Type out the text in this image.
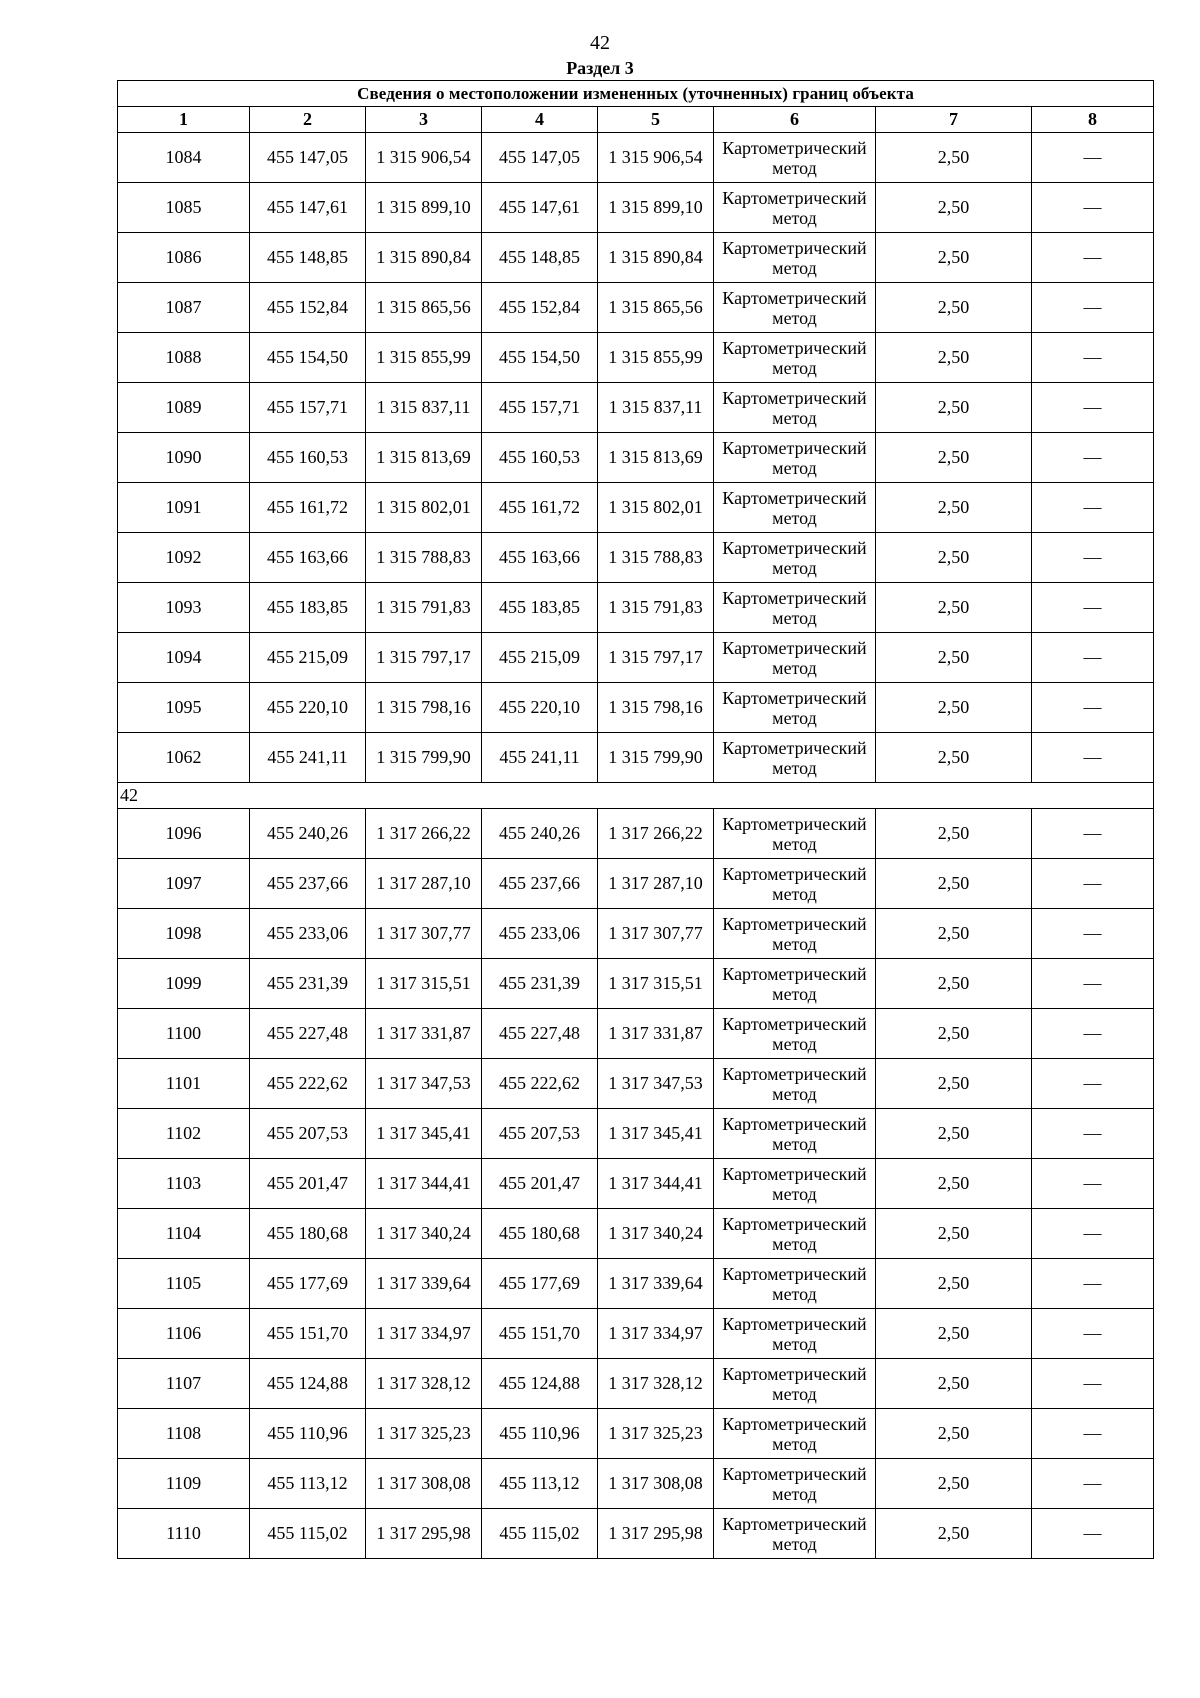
42
Раздел 3
Сведения о местоположении измененных (уточненных) границ объекта							
1	2	3	4	5	6	7	8
1084	455 147,05	1 315 906,54	455 147,05	1 315 906,54	Картометрический метод	2,50	—
1085	455 147,61	1 315 899,10	455 147,61	1 315 899,10	Картометрический метод	2,50	—
1086	455 148,85	1 315 890,84	455 148,85	1 315 890,84	Картометрический метод	2,50	—
1087	455 152,84	1 315 865,56	455 152,84	1 315 865,56	Картометрический метод	2,50	—
1088	455 154,50	1 315 855,99	455 154,50	1 315 855,99	Картометрический метод	2,50	—
1089	455 157,71	1 315 837,11	455 157,71	1 315 837,11	Картометрический метод	2,50	—
1090	455 160,53	1 315 813,69	455 160,53	1 315 813,69	Картометрический метод	2,50	—
1091	455 161,72	1 315 802,01	455 161,72	1 315 802,01	Картометрический метод	2,50	—
1092	455 163,66	1 315 788,83	455 163,66	1 315 788,83	Картометрический метод	2,50	—
1093	455 183,85	1 315 791,83	455 183,85	1 315 791,83	Картометрический метод	2,50	—
1094	455 215,09	1 315 797,17	455 215,09	1 315 797,17	Картометрический метод	2,50	—
1095	455 220,10	1 315 798,16	455 220,10	1 315 798,16	Картометрический метод	2,50	—
1062	455 241,11	1 315 799,90	455 241,11	1 315 799,90	Картометрический метод	2,50	—
42							
1096	455 240,26	1 317 266,22	455 240,26	1 317 266,22	Картометрический метод	2,50	—
1097	455 237,66	1 317 287,10	455 237,66	1 317 287,10	Картометрический метод	2,50	—
1098	455 233,06	1 317 307,77	455 233,06	1 317 307,77	Картометрический метод	2,50	—
1099	455 231,39	1 317 315,51	455 231,39	1 317 315,51	Картометрический метод	2,50	—
1100	455 227,48	1 317 331,87	455 227,48	1 317 331,87	Картометрический метод	2,50	—
1101	455 222,62	1 317 347,53	455 222,62	1 317 347,53	Картометрический метод	2,50	—
1102	455 207,53	1 317 345,41	455 207,53	1 317 345,41	Картометрический метод	2,50	—
1103	455 201,47	1 317 344,41	455 201,47	1 317 344,41	Картометрический метод	2,50	—
1104	455 180,68	1 317 340,24	455 180,68	1 317 340,24	Картометрический метод	2,50	—
1105	455 177,69	1 317 339,64	455 177,69	1 317 339,64	Картометрический метод	2,50	—
1106	455 151,70	1 317 334,97	455 151,70	1 317 334,97	Картометрический метод	2,50	—
1107	455 124,88	1 317 328,12	455 124,88	1 317 328,12	Картометрический метод	2,50	—
1108	455 110,96	1 317 325,23	455 110,96	1 317 325,23	Картометрический метод	2,50	—
1109	455 113,12	1 317 308,08	455 113,12	1 317 308,08	Картометрический метод	2,50	—
1110	455 115,02	1 317 295,98	455 115,02	1 317 295,98	Картометрический метод	2,50	—
